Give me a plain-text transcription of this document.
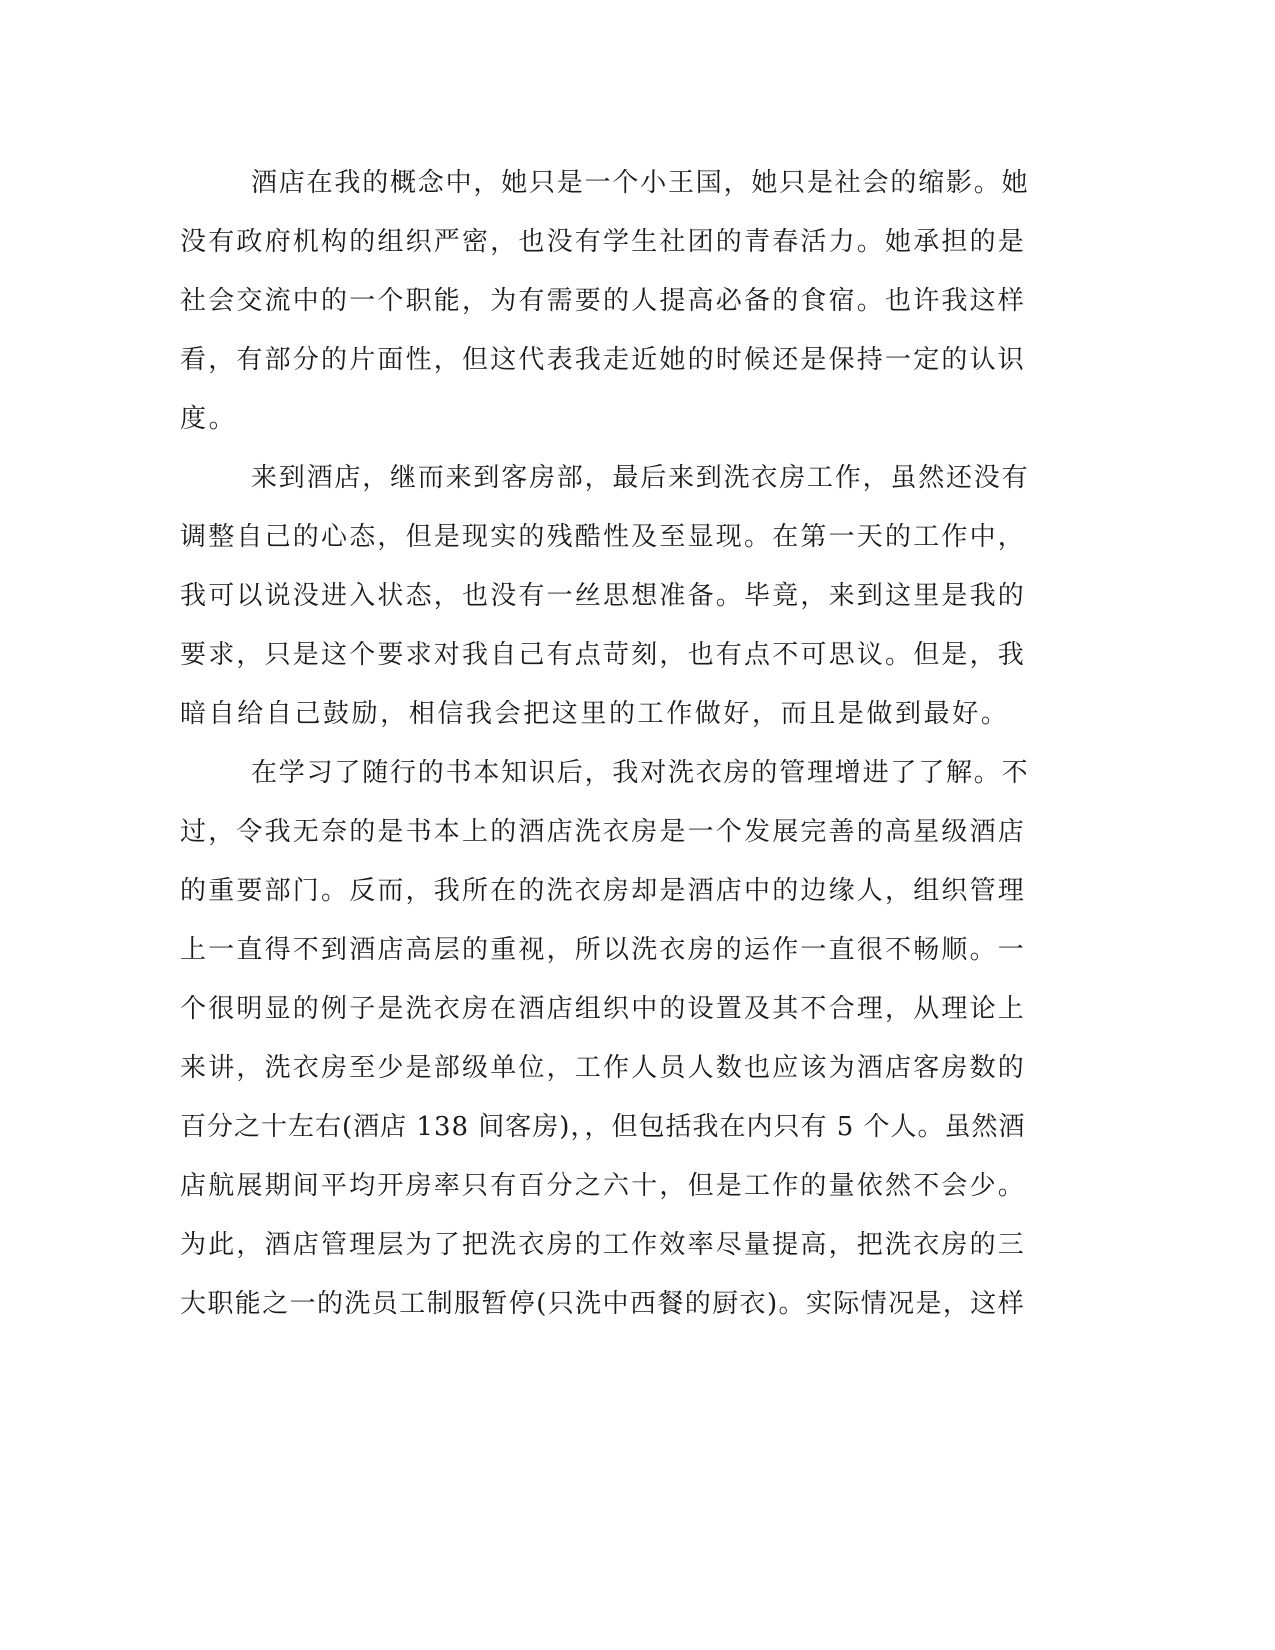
酒店在我的概念中，她只是一个小王国，她只是社会的缩影。她
没有政府机构的组织严密，也没有学生社团的青春活力。她承担的是
社会交流中的一个职能，为有需要的人提高必备的食宿。也许我这样
看，有部分的片面性，但这代表我走近她的时候还是保持一定的认识
度。
来到酒店，继而来到客房部，最后来到洗衣房工作，虽然还没有
调整自己的心态，但是现实的残酷性及至显现。在第一天的工作中，
我可以说没进入状态，也没有一丝思想准备。毕竟，来到这里是我的
要求，只是这个要求对我自己有点苛刻，也有点不可思议。但是，我
暗自给自己鼓励，相信我会把这里的工作做好，而且是做到最好。
在学习了随行的书本知识后，我对洗衣房的管理增进了了解。不
过，令我无奈的是书本上的酒店洗衣房是一个发展完善的高星级酒店
的重要部门。反而，我所在的洗衣房却是酒店中的边缘人，组织管理
上一直得不到酒店高层的重视，所以洗衣房的运作一直很不畅顺。一
个很明显的例子是洗衣房在酒店组织中的设置及其不合理，从理论上
来讲，洗衣房至少是部级单位，工作人员人数也应该为酒店客房数的
百分之十左右(酒店 138 间客房)，，但包括我在内只有 5 个人。虽然酒
店航展期间平均开房率只有百分之六十，但是工作的量依然不会少。
为此，酒店管理层为了把洗衣房的工作效率尽量提高，把洗衣房的三
大职能之一的洗员工制服暂停(只洗中西餐的厨衣)。实际情况是，这样
